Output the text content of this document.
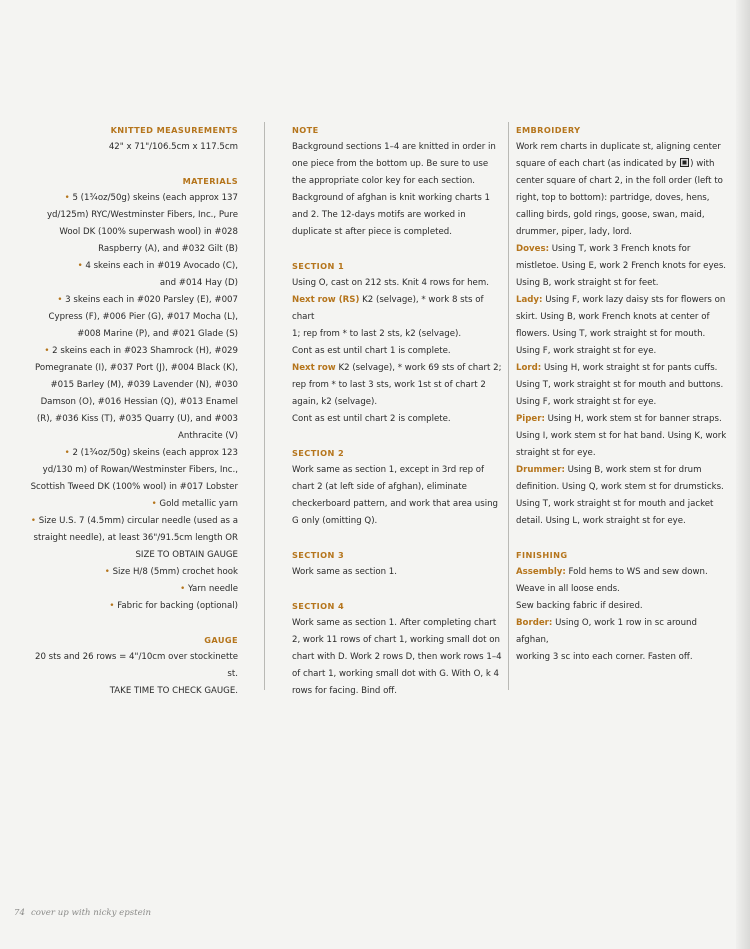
KNITTED MEASUREMENTS

42" x 71"/106.5cm x 117.5cm

MATERIALS

• 5 (1¾oz/50g) skeins (each approx 137

yd/125m) RYC/Westminster Fibers, Inc., Pure

Wool DK (100% superwash wool) in #028

Raspberry (A), and #032 Gilt (B)

• 4 skeins each in #019 Avocado (C),

and #014 Hay (D)

• 3 skeins each in #020 Parsley (E), #007

Cypress (F), #006 Pier (G), #017 Mocha (L),

#008 Marine (P), and #021 Glade (S)

• 2 skeins each in #023 Shamrock (H), #029

Pomegranate (I), #037 Port (J), #004 Black (K),

#015 Barley (M), #039 Lavender (N), #030

Damson (O), #016 Hessian (Q), #013 Enamel

(R), #036 Kiss (T), #035 Quarry (U), and #003

Anthracite (V)

• 2 (1¾oz/50g) skeins (each approx 123

yd/130 m) of Rowan/Westminster Fibers, Inc.,

Scottish Tweed DK (100% wool) in #017 Lobster

• Gold metallic yarn

• Size U.S. 7 (4.5mm) circular needle (used as a

straight needle), at least 36"/91.5cm length OR

SIZE TO OBTAIN GAUGE

• Size H/8 (5mm) crochet hook

• Yarn needle

• Fabric for backing (optional)

GAUGE

20 sts and 26 rows = 4"/10cm over stockinette st.

TAKE TIME TO CHECK GAUGE.

NOTE

Background sections 1–4 are knitted in order in

one piece from the bottom up. Be sure to use

the appropriate color key for each section.

Background of afghan is knit working charts 1

and 2. The 12-days motifs are worked in

duplicate st after piece is completed.

SECTION 1

Using O, cast on 212 sts. Knit 4 rows for hem.

Next row (RS) K2 (selvage), * work 8 sts of chart

1; rep from * to last 2 sts, k2 (selvage).

Cont as est until chart 1 is complete.

Next row K2 (selvage), * work 69 sts of chart 2;

rep from * to last 3 sts, work 1st st of chart 2

again, k2 (selvage).

Cont as est until chart 2 is complete.

SECTION 2

Work same as section 1, except in 3rd rep of

chart 2 (at left side of afghan), eliminate

checkerboard pattern, and work that area using

G only (omitting Q).

SECTION 3

Work same as section 1.

SECTION 4

Work same as section 1. After completing chart

2, work 11 rows of chart 1, working small dot on

chart with D. Work 2 rows D, then work rows 1–4

of chart 1, working small dot with G. With O, k 4

rows for facing. Bind off.

EMBROIDERY

Work rem charts in duplicate st, aligning center

square of each chart (as indicated by ) with

center square of chart 2, in the foll order (left to

right, top to bottom): partridge, doves, hens,

calling birds, gold rings, goose, swan, maid,

drummer, piper, lady, lord.

Doves: Using T, work 3 French knots for

mistletoe. Using E, work 2 French knots for eyes.

Using B, work straight st for feet.

Lady: Using F, work lazy daisy sts for flowers on

skirt. Using B, work French knots at center of

flowers. Using T, work straight st for mouth.

Using F, work straight st for eye.

Lord: Using H, work straight st for pants cuffs.

Using T, work straight st for mouth and buttons.

Using F, work straight st for eye.

Piper: Using H, work stem st for banner straps.

Using I, work stem st for hat band. Using K, work

straight st for eye.

Drummer: Using B, work stem st for drum

definition. Using Q, work stem st for drumsticks.

Using T, work straight st for mouth and jacket

detail. Using L, work straight st for eye.

FINISHING

Assembly: Fold hems to WS and sew down.

Weave in all loose ends.

Sew backing fabric if desired.

Border: Using O, work 1 row in sc around afghan,

working 3 sc into each corner. Fasten off.

74 cover up with nicky epstein
